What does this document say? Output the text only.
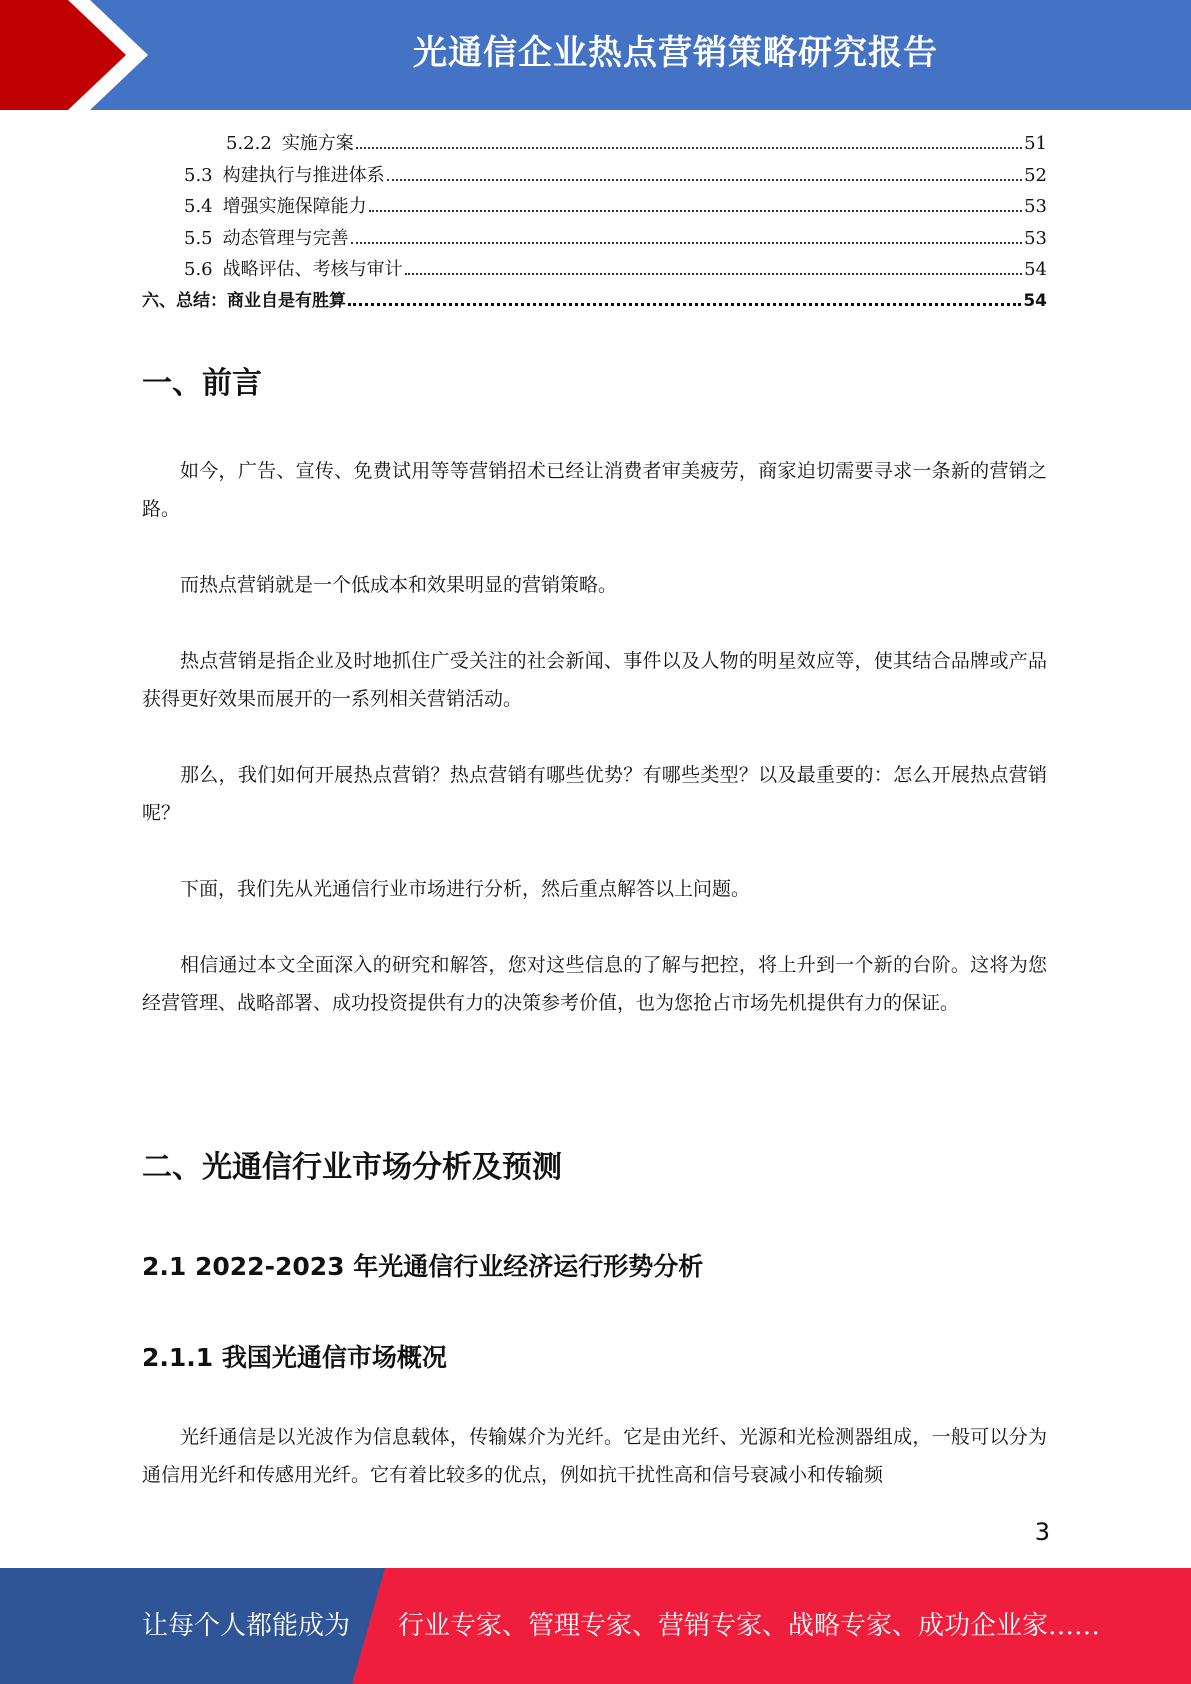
光通信企业热点营销策略研究报告
5.2.2 实施方案	51
5.3 构建执行与推进体系	52
5.4 增强实施保障能力	53
5.5 动态管理与完善	53
5.6 战略评估、考核与审计	54
六、总结：商业自是有胜算	54
一、前言

如今，广告、宣传、免费试用等等营销招术已经让消费者审美疲劳，商家迫切需要寻求一条新的营销之路。

而热点营销就是一个低成本和效果明显的营销策略。

热点营销是指企业及时地抓住广受关注的社会新闻、事件以及人物的明星效应等，使其结合品牌或产品获得更好效果而展开的一系列相关营销活动。

那么，我们如何开展热点营销？热点营销有哪些优势？有哪些类型？以及最重要的：怎么开展热点营销呢？

下面，我们先从光通信行业市场进行分析，然后重点解答以上问题。

相信通过本文全面深入的研究和解答，您对这些信息的了解与把控，将上升到一个新的台阶。这将为您经营管理、战略部署、成功投资提供有力的决策参考价值，也为您抢占市场先机提供有力的保证。

二、光通信行业市场分析及预测
2.1 2022-2023 年光通信行业经济运行形势分析
2.1.1 我国光通信市场概况

光纤通信是以光波作为信息载体，传输媒介为光纤。它是由光纤、光源和光检测器组成，一般可以分为通信用光纤和传感用光纤。它有着比较多的优点，例如抗干扰性高和信号衰减小和传输频

3
让每个人都能成为 行业专家、管理专家、营销专家、战略专家、成功企业家……
